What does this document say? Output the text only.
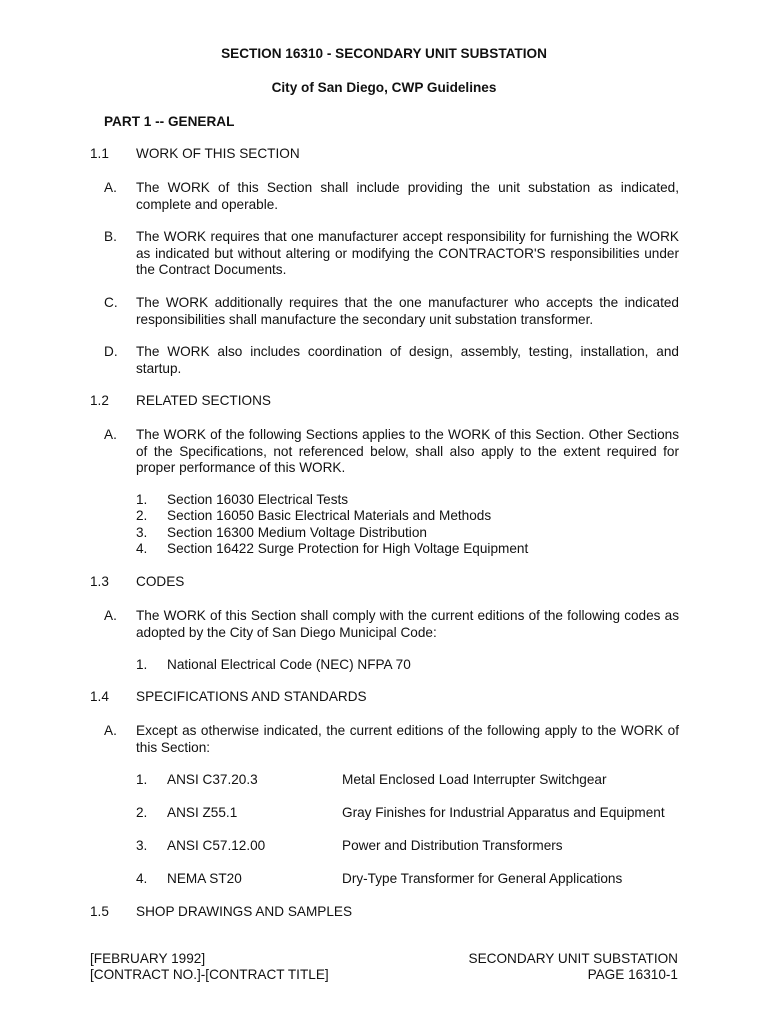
SECTION 16310 - SECONDARY UNIT SUBSTATION
City of San Diego, CWP Guidelines
PART 1 -- GENERAL
1.1 WORK OF THIS SECTION
A. The WORK of this Section shall include providing the unit substation as indicated, complete and operable.
B. The WORK requires that one manufacturer accept responsibility for furnishing the WORK as indicated but without altering or modifying the CONTRACTOR'S responsibilities under the Contract Documents.
C. The WORK additionally requires that the one manufacturer who accepts the indicated responsibilities shall manufacture the secondary unit substation transformer.
D. The WORK also includes coordination of design, assembly, testing, installation, and startup.
1.2 RELATED SECTIONS
A. The WORK of the following Sections applies to the WORK of this Section. Other Sections of the Specifications, not referenced below, shall also apply to the extent required for proper performance of this WORK.
1. Section 16030 Electrical Tests
2. Section 16050 Basic Electrical Materials and Methods
3. Section 16300 Medium Voltage Distribution
4. Section 16422 Surge Protection for High Voltage Equipment
1.3 CODES
A. The WORK of this Section shall comply with the current editions of the following codes as adopted by the City of San Diego Municipal Code:
1. National Electrical Code (NEC) NFPA 70
1.4 SPECIFICATIONS AND STANDARDS
A. Except as otherwise indicated, the current editions of the following apply to the WORK of this Section:
1. ANSI C37.20.3	Metal Enclosed Load Interrupter Switchgear
2. ANSI Z55.1	Gray Finishes for Industrial Apparatus and Equipment
3. ANSI C57.12.00	Power and Distribution Transformers
4. NEMA ST20	Dry-Type Transformer for General Applications
1.5 SHOP DRAWINGS AND SAMPLES
[FEBRUARY 1992]
[CONTRACT NO.]-[CONTRACT TITLE]
SECONDARY UNIT SUBSTATION
PAGE 16310-1
